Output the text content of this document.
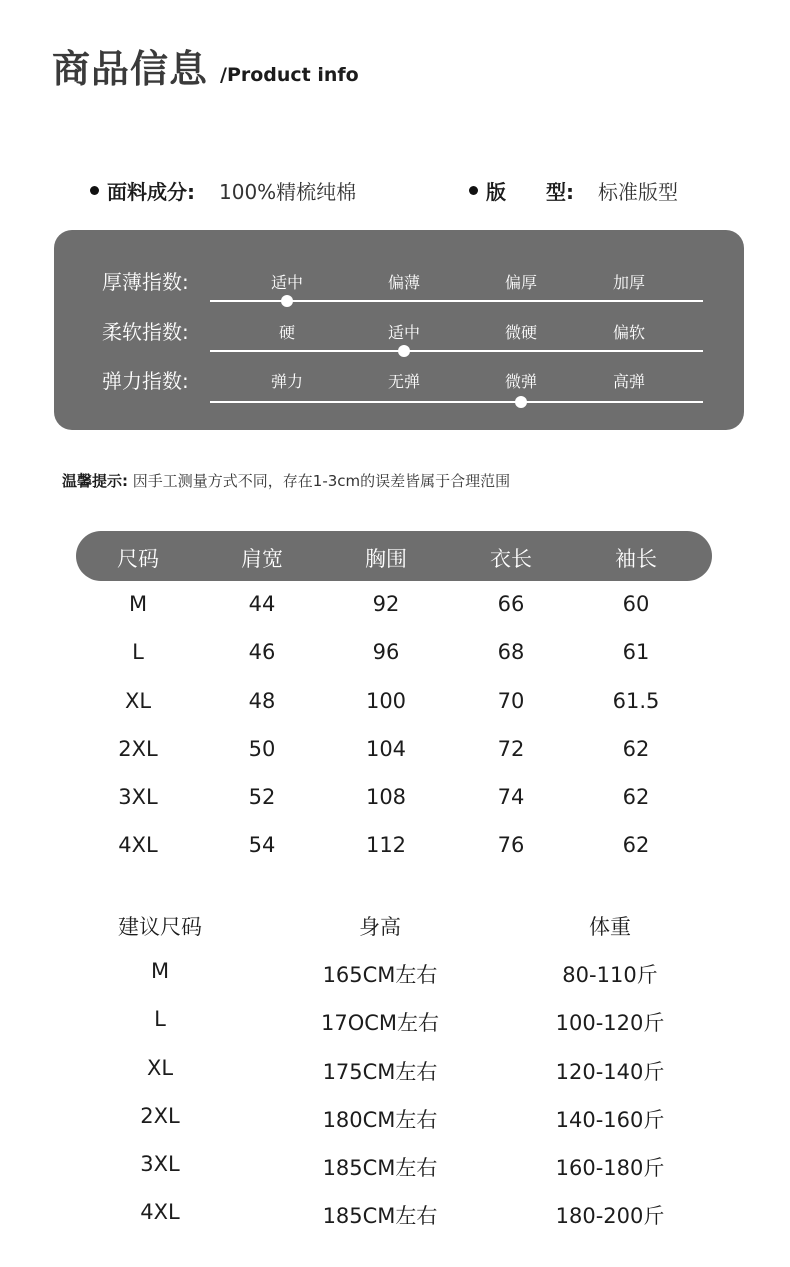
商品信息 /Product info
面料成分: 100%精梳纯棉	版　　型: 标准版型
厚薄指数:	适中	偏薄	偏厚	加厚
柔软指数:	硬	适中	微硬	偏软
弹力指数:	弹力	无弹	微弹	高弹
温馨提示: 因手工测量方式不同，存在1-3cm的误差皆属于合理范围
尺码	肩宽	胸围	衣长	袖长
M	44	92	66	60
L	46	96	68	61
XL	48	100	70	61.5
2XL	50	104	72	62
3XL	52	108	74	62
4XL	54	112	76	62
建议尺码	身高	体重
M	165CM左右	80-110斤
L	17OCM左右	100-120斤
XL	175CM左右	120-140斤
2XL	180CM左右	140-160斤
3XL	185CM左右	160-180斤
4XL	185CM左右	180-200斤
